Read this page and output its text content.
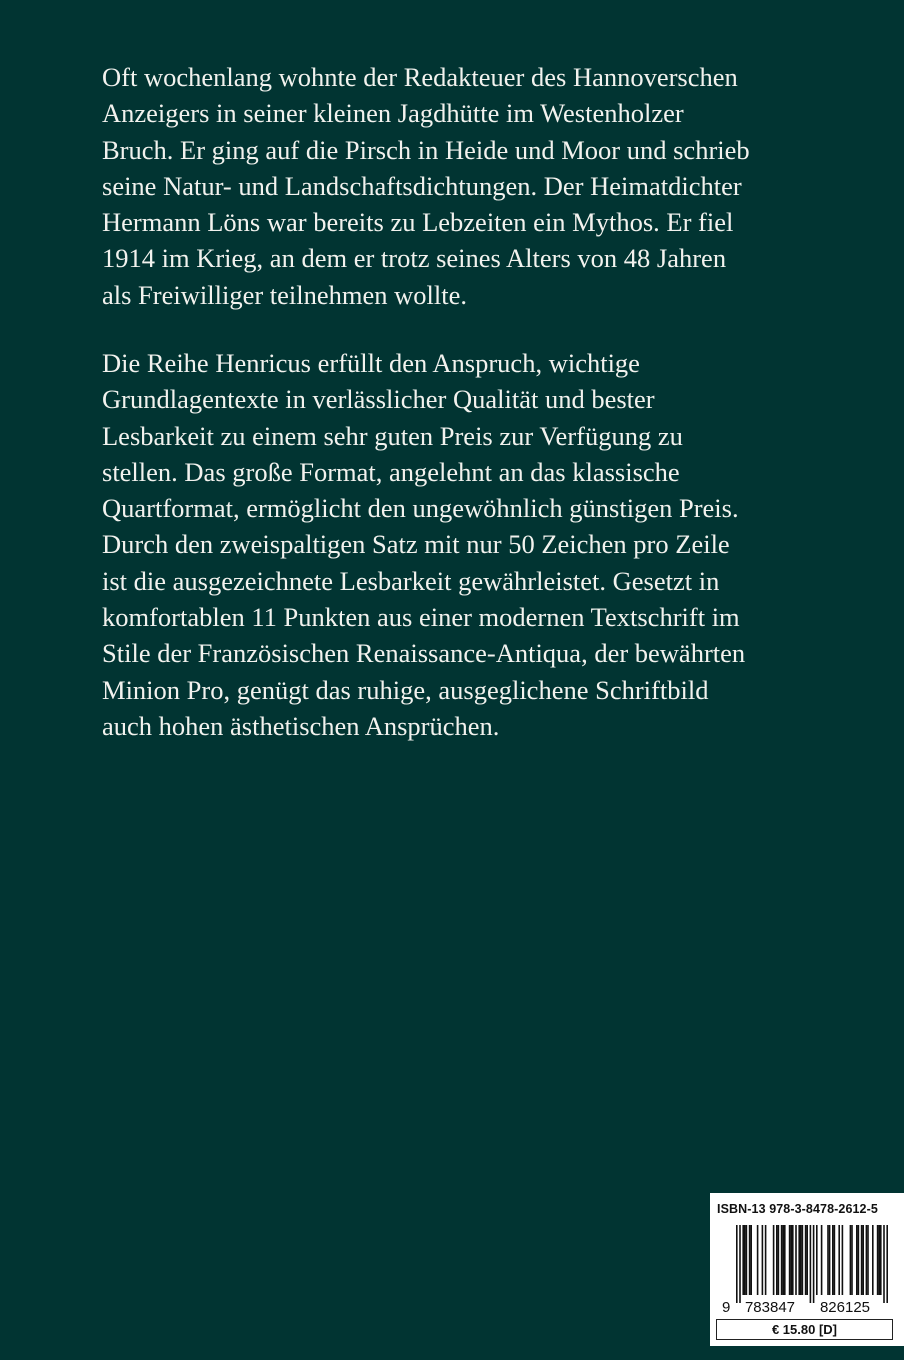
Oft wochenlang wohnte der Redakteuer des Hannoverschen
Anzeigers in seiner kleinen Jagdhütte im Westenholzer
Bruch. Er ging auf die Pirsch in Heide und Moor und schrieb
seine Natur- und Landschaftsdichtungen. Der Heimatdichter
Hermann Löns war bereits zu Lebzeiten ein Mythos. Er fiel
1914 im Krieg, an dem er trotz seines Alters von 48 Jahren
als Freiwilliger teilnehmen wollte.
Die Reihe Henricus erfüllt den Anspruch, wichtige
Grundlagentexte in verlässlicher Qualität und bester
Lesbarkeit zu einem sehr guten Preis zur Verfügung zu
stellen. Das große Format, angelehnt an das klassische
Quartformat, ermöglicht den ungewöhnlich günstigen Preis.
Durch den zweispaltigen Satz mit nur 50 Zeichen pro Zeile
ist die ausgezeichnete Lesbarkeit gewährleistet. Gesetzt in
komfortablen 11 Punkten aus einer modernen Textschrift im
Stile der Französischen Renaissance-Antiqua, der bewährten
Minion Pro, genügt das ruhige, ausgeglichene Schriftbild
auch hohen ästhetischen Ansprüchen.
ISBN-13 978-3-8478-2612-5
9 783847 826125
€ 15.80 [D]
